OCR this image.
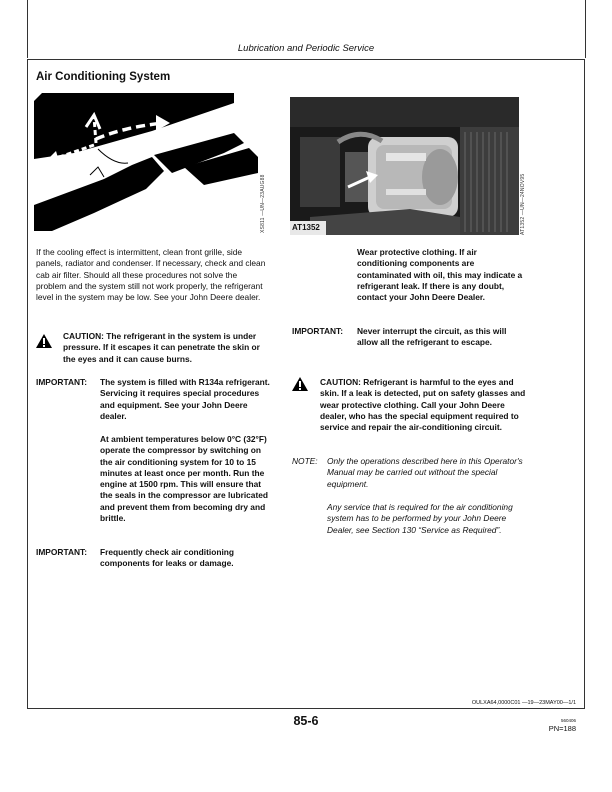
Lubrication and Periodic Service
Air Conditioning System
XS811 —UN—23AUG88	AT1352	AT1352 —UN—24NOV95
If the cooling effect is intermittent, clean front grille, side panels, radiator and condenser. If necessary, check and clean cab air filter. Should all these procedures not solve the problem and the system still not work properly, the refrigerant level in the system may be low. See your John Deere dealer.
CAUTION: The refrigerant in the system is under pressure. If it escapes it can penetrate the skin or the eyes and it can cause burns.
IMPORTANT: The system is filled with R134a refrigerant. Servicing it requires special procedures and equipment. See your John Deere dealer.
At ambient temperatures below 0°C (32°F) operate the compressor by switching on the air conditioning system for 10 to 15 minutes at least once per month. Run the engine at 1500 rpm. This will ensure that the seals in the compressor are lubricated and prevent them from becoming dry and brittle.
IMPORTANT: Frequently check air conditioning components for leaks or damage.
Wear protective clothing. If air conditioning components are contaminated with oil, this may indicate a refrigerant leak. If there is any doubt, contact your John Deere Dealer.
IMPORTANT: Never interrupt the circuit, as this will allow all the refrigerant to escape.
CAUTION: Refrigerant is harmful to the eyes and skin. If a leak is detected, put on safety glasses and wear protective clothing. Call your John Deere dealer, who has the special equipment required to service and repair the air-conditioning circuit.
NOTE: Only the operations described here in this Operator's Manual may be carried out without the special equipment.
Any service that is required for the air conditioning system has to be performed by your John Deere Dealer, see Section 130 “Service as Required”.
OULXA64,0000C01 —19—23MAY00—1/1
85-6	560406
PN=188
